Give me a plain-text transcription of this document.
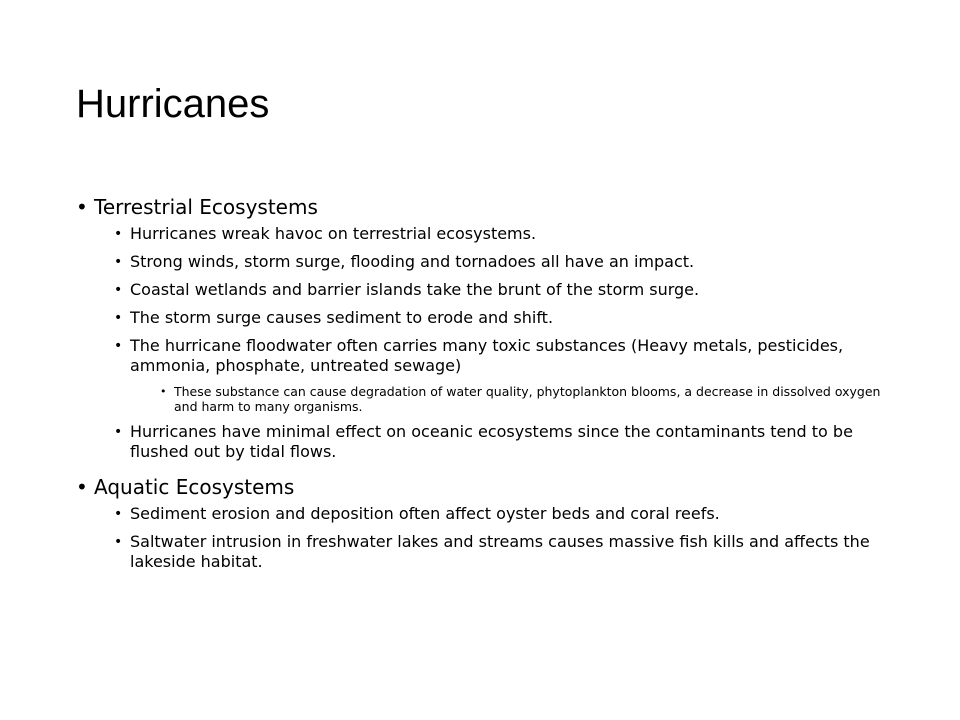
Hurricanes
• Terrestrial Ecosystems
• Hurricanes wreak havoc on terrestrial ecosystems.
• Strong winds, storm surge, flooding and tornadoes all have an impact.
• Coastal wetlands and barrier islands take the brunt of the storm surge.
• The storm surge causes sediment to erode and shift.
• The hurricane floodwater often carries many toxic substances (Heavy metals, pesticides, ammonia, phosphate, untreated sewage)
• These substance can cause degradation of water quality, phytoplankton blooms, a decrease in dissolved oxygen and harm to many organisms.
• Hurricanes have minimal effect on oceanic ecosystems since the contaminants tend to be flushed out by tidal flows.
• Aquatic Ecosystems
• Sediment erosion and deposition often affect oyster beds and coral reefs.
• Saltwater intrusion in freshwater lakes and streams causes massive fish kills and affects the lakeside habitat.
